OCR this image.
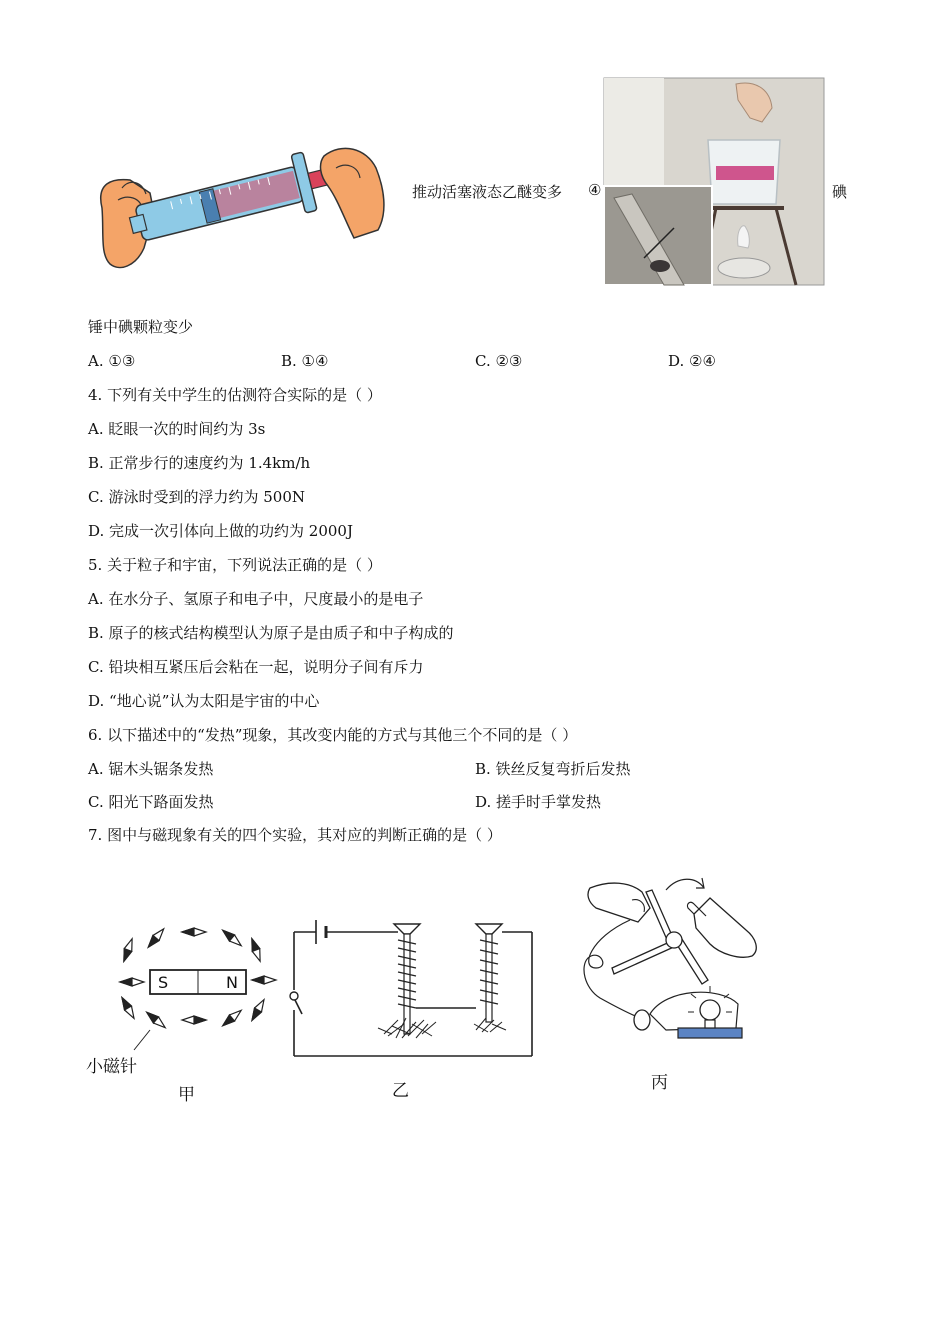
推动活塞液态乙醚变多 ④	碘
锤中碘颗粒变少
A. ①③	B. ①④	C. ②③	D. ②④
4. 下列有关中学生的估测符合实际的是（ ）
A. 眨眼一次的时间约为 3s
B. 正常步行的速度约为 1.4km/h
C. 游泳时受到的浮力约为 500N
D. 完成一次引体向上做的功约为 2000J
5. 关于粒子和宇宙，下列说法正确的是（ ）
A. 在水分子、氢原子和电子中，尺度最小的是电子
B. 原子的核式结构模型认为原子是由质子和中子构成的
C. 铅块相互紧压后会粘在一起，说明分子间有斥力
D. “地心说”认为太阳是宇宙的中心
6. 以下描述中的“发热”现象，其改变内能的方式与其他三个不同的是（ ）
A. 锯木头锯条发热	B. 铁丝反复弯折后发热
C. 阳光下路面发热	D. 搓手时手掌发热
7. 图中与磁现象有关的四个实验，其对应的判断正确的是（ ）
S	N
小磁针
甲	乙	丙
